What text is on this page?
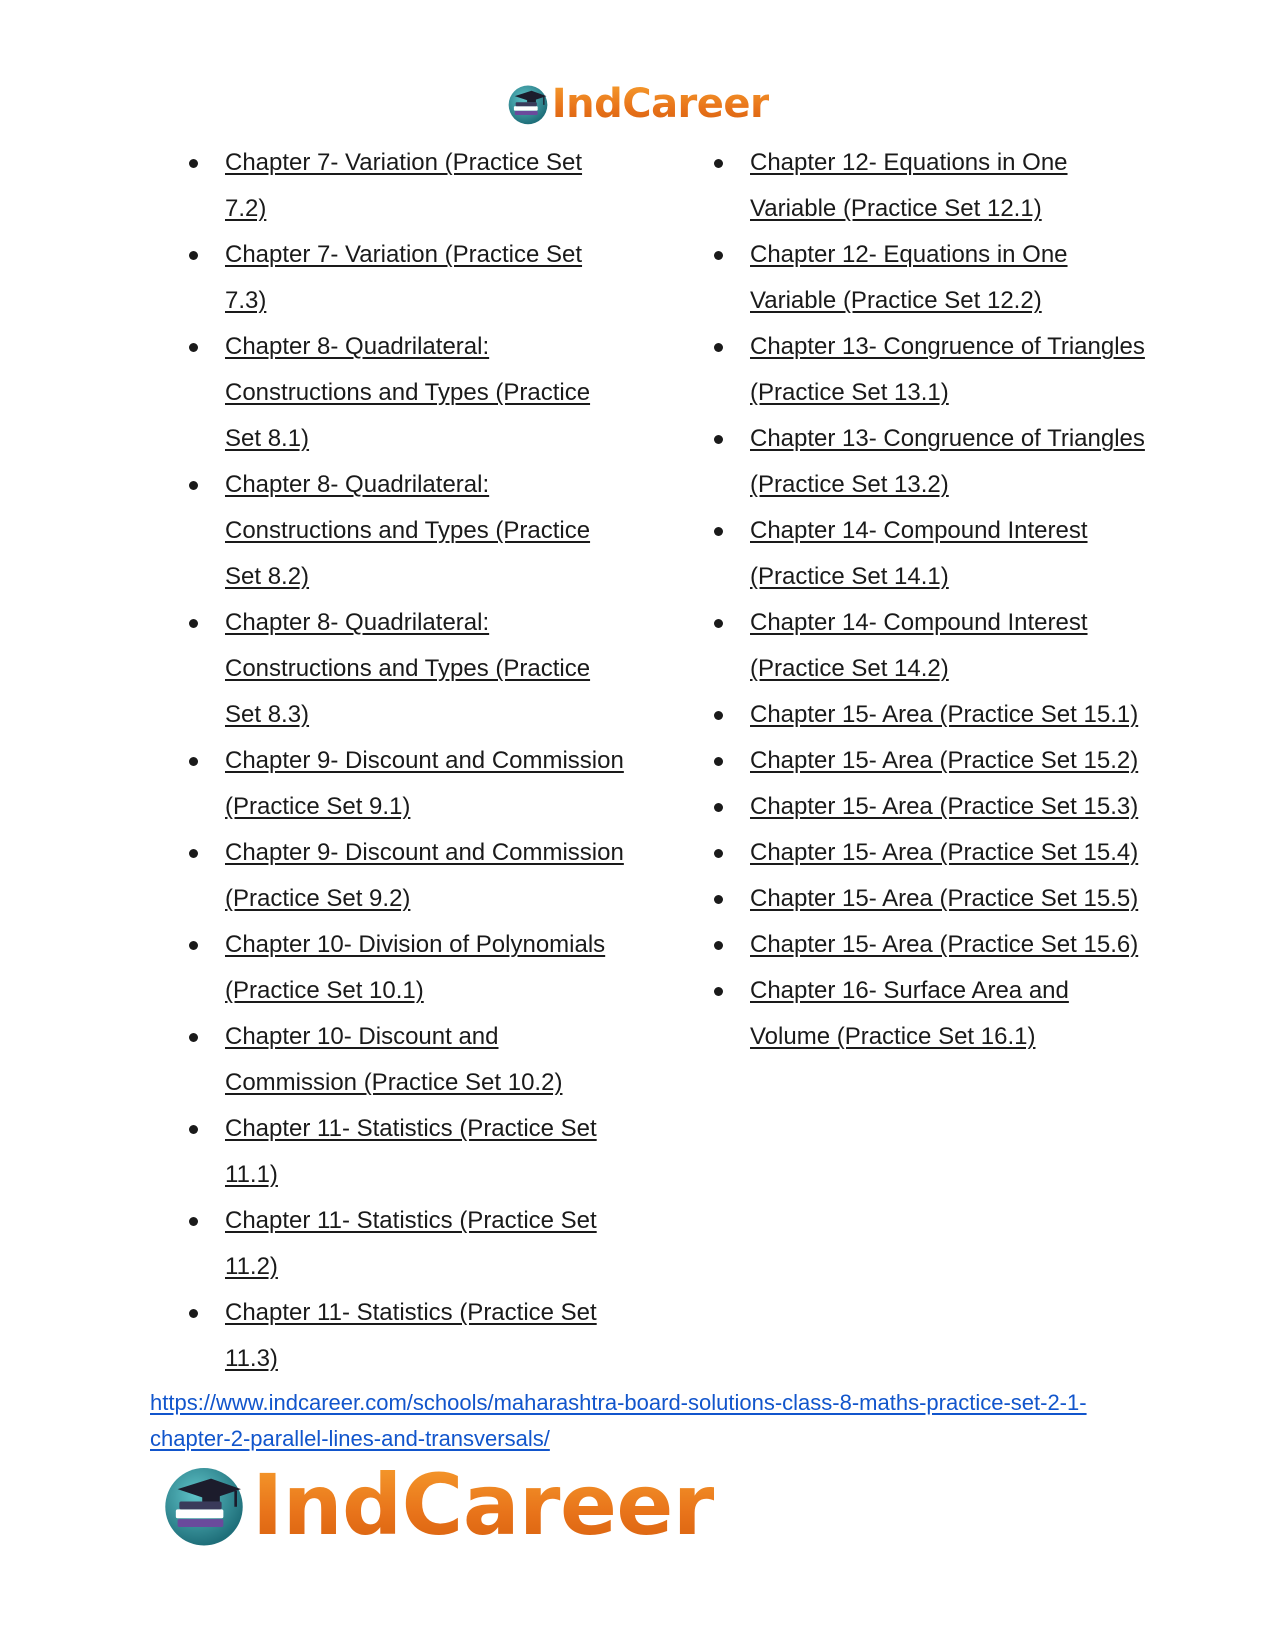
IndCareer
Chapter 7- Variation (Practice Set 7.2)
Chapter 7- Variation (Practice Set 7.3)
Chapter 8- Quadrilateral: Constructions and Types (Practice Set 8.1)
Chapter 8- Quadrilateral: Constructions and Types (Practice Set 8.2)
Chapter 8- Quadrilateral: Constructions and Types (Practice Set 8.3)
Chapter 9- Discount and Commission (Practice Set 9.1)
Chapter 9- Discount and Commission (Practice Set 9.2)
Chapter 10- Division of Polynomials (Practice Set 10.1)
Chapter 10- Discount and Commission (Practice Set 10.2)
Chapter 11- Statistics (Practice Set 11.1)
Chapter 11- Statistics (Practice Set 11.2)
Chapter 11- Statistics (Practice Set 11.3)
Chapter 12- Equations in One Variable (Practice Set 12.1)
Chapter 12- Equations in One Variable (Practice Set 12.2)
Chapter 13- Congruence of Triangles (Practice Set 13.1)
Chapter 13- Congruence of Triangles (Practice Set 13.2)
Chapter 14- Compound Interest (Practice Set 14.1)
Chapter 14- Compound Interest (Practice Set 14.2)
Chapter 15- Area (Practice Set 15.1)
Chapter 15- Area (Practice Set 15.2)
Chapter 15- Area (Practice Set 15.3)
Chapter 15- Area (Practice Set 15.4)
Chapter 15- Area (Practice Set 15.5)
Chapter 15- Area (Practice Set 15.6)
Chapter 16- Surface Area and Volume (Practice Set 16.1)
https://www.indcareer.com/schools/maharashtra-board-solutions-class-8-maths-practice-set-2-1-chapter-2-parallel-lines-and-transversals/
IndCareer
